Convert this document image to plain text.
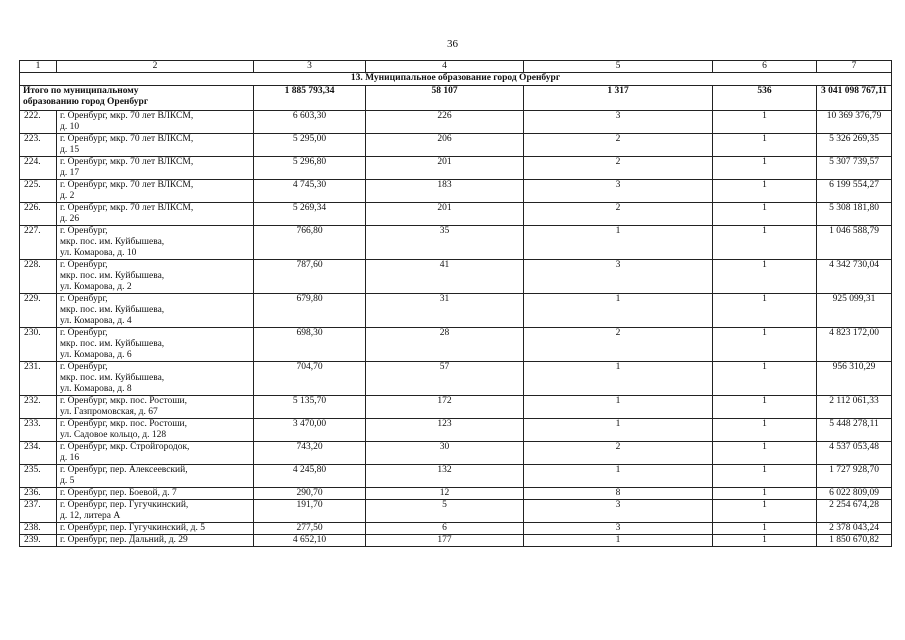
36
1	2	3	4	5	6	7
13. Муниципальное образование город Оренбург						
Итого по муниципальному
образованию город Оренбург		1 885 793,34	58 107	1 317	536	3 041 098 767,11
222.	г. Оренбург, мкр. 70 лет ВЛКСМ,
д. 10	6 603,30	226	3	1	10 369 376,79
223.	г. Оренбург, мкр. 70 лет ВЛКСМ,
д. 15	5 295,00	206	2	1	5 326 269,35
224.	г. Оренбург, мкр. 70 лет ВЛКСМ,
д. 17	5 296,80	201	2	1	5 307 739,57
225.	г. Оренбург, мкр. 70 лет ВЛКСМ,
д. 2	4 745,30	183	3	1	6 199 554,27
226.	г. Оренбург, мкр. 70 лет ВЛКСМ,
д. 26	5 269,34	201	2	1	5 308 181,80
227.	г. Оренбург,
мкр. пос. им. Куйбышева,
ул. Комарова, д. 10	766,80	35	1	1	1 046 588,79
228.	г. Оренбург,
мкр. пос. им. Куйбышева,
ул. Комарова, д. 2	787,60	41	3	1	4 342 730,04
229.	г. Оренбург,
мкр. пос. им. Куйбышева,
ул. Комарова, д. 4	679,80	31	1	1	925 099,31
230.	г. Оренбург,
мкр. пос. им. Куйбышева,
ул. Комарова, д. 6	698,30	28	2	1	4 823 172,00
231.	г. Оренбург,
мкр. пос. им. Куйбышева,
ул. Комарова, д. 8	704,70	57	1	1	956 310,29
232.	г. Оренбург, мкр. пос. Ростоши,
ул. Газпромовская, д. 67	5 135,70	172	1	1	2 112 061,33
233.	г. Оренбург, мкр. пос. Ростоши,
ул. Садовое кольцо, д. 128	3 470,00	123	1	1	5 448 278,11
234.	г. Оренбург, мкр. Стройгородок,
д. 16	743,20	30	2	1	4 537 053,48
235.	г. Оренбург, пер. Алексеевский,
д. 5	4 245,80	132	1	1	1 727 928,70
236.	г. Оренбург, пер. Боевой, д. 7	290,70	12	8	1	6 022 809,09
237.	г. Оренбург, пер. Гугучкинский,
д. 12, литера А	191,70	5	3	1	2 254 674,28
238.	г. Оренбург, пер. Гугучкинский, д. 5	277,50	6	3	1	2 378 043,24
239.	г. Оренбург, пер. Дальний, д. 29	4 652,10	177	1	1	1 850 670,82
